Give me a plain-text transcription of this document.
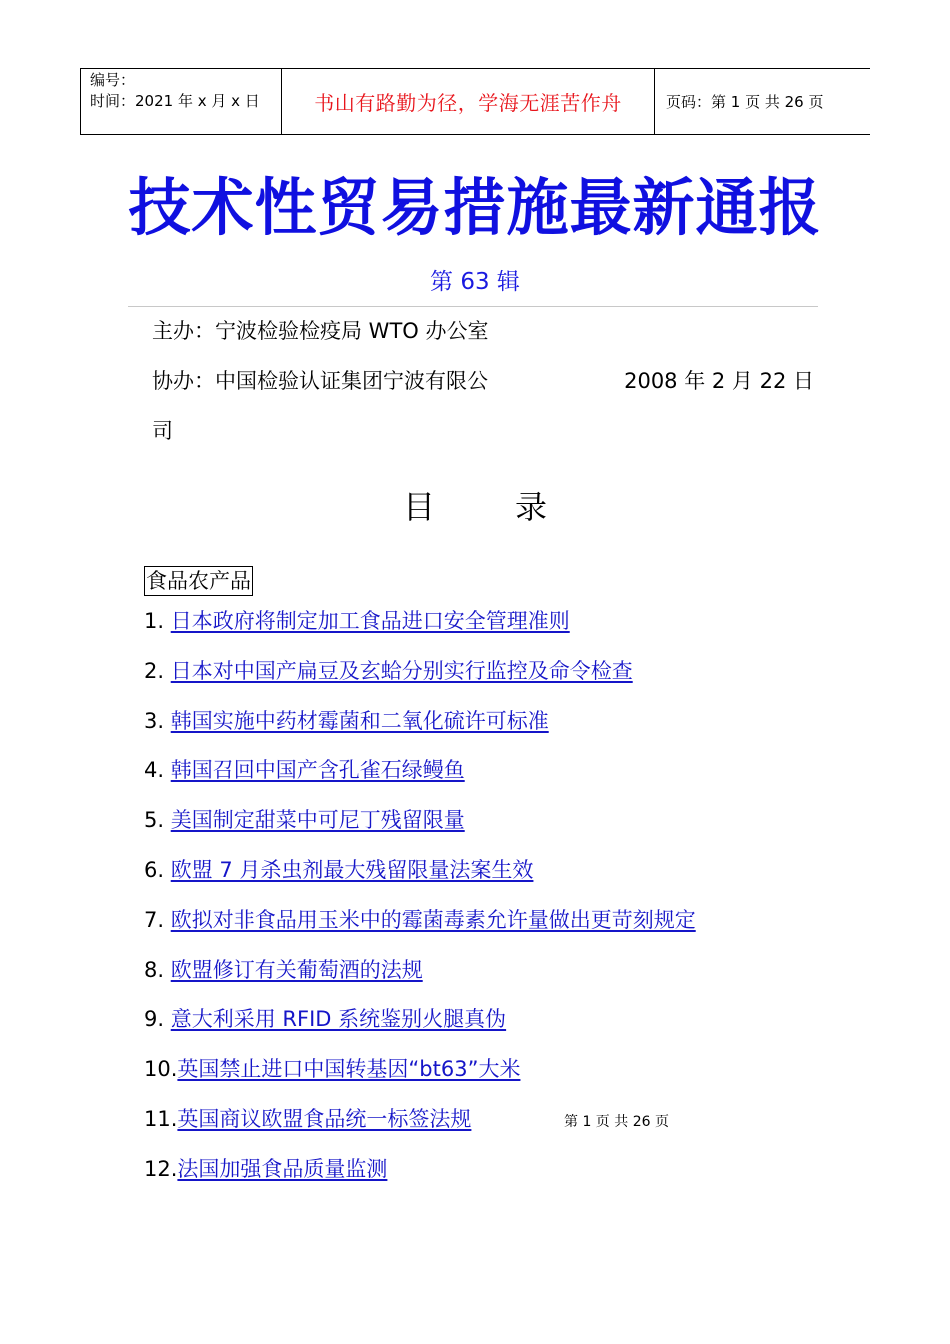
编号：
时间：2021 年 x 月 x 日	书山有路勤为径，学海无涯苦作舟	页码：第 1 页 共 26 页
技术性贸易措施最新通报
第 63 辑
主办：宁波检验检疫局 WTO 办公室
协办：中国检验认证集团宁波有限公	2008 年 2 月 22 日
司
目	录
食品农产品
1. 日本政府将制定加工食品进口安全管理准则
2. 日本对中国产扁豆及玄蛤分别实行监控及命令检查
3. 韩国实施中药材霉菌和二氧化硫许可标准
4. 韩国召回中国产含孔雀石绿鳗鱼
5. 美国制定甜菜中可尼丁残留限量
6. 欧盟 7 月杀虫剂最大残留限量法案生效
7. 欧拟对非食品用玉米中的霉菌毒素允许量做出更苛刻规定
8. 欧盟修订有关葡萄酒的法规
9. 意大利采用 RFID 系统鉴别火腿真伪
10.英国禁止进口中国转基因“bt63”大米
11.英国商议欧盟食品统一标签法规
12.法国加强食品质量监测
第 1 页 共 26 页
